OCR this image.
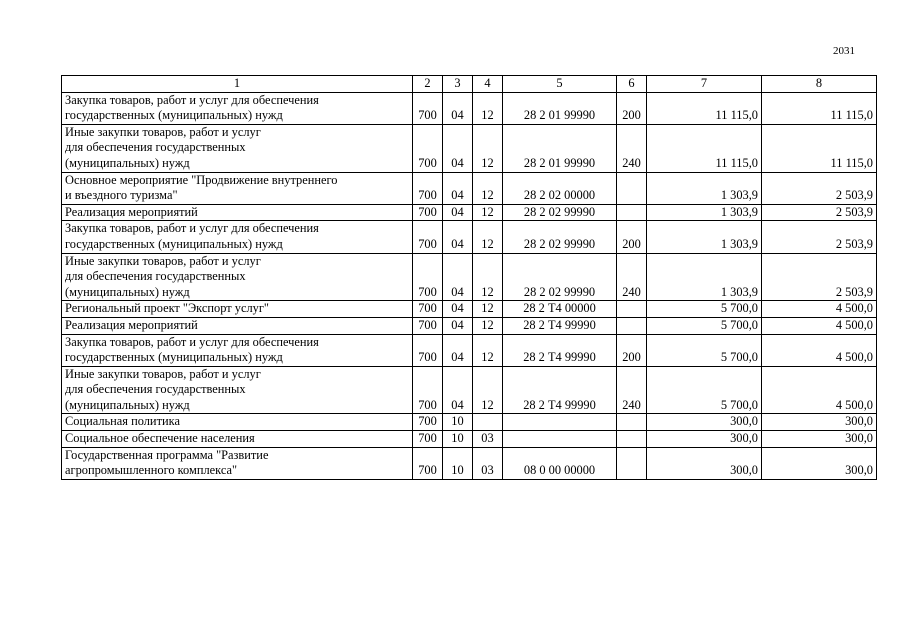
2031
1	2	3	4	5	6	7	8
Закупка товаров, работ и услуг для обеспечения
государственных (муниципальных) нужд	700	04	12	28 2 01 99990	200	11 115,0	11 115,0
Иные закупки товаров, работ и услуг
для обеспечения государственных
(муниципальных) нужд	700	04	12	28 2 01 99990	240	11 115,0	11 115,0
Основное мероприятие "Продвижение внутреннего
и въездного туризма"	700	04	12	28 2 02 00000		1 303,9	2 503,9
Реализация мероприятий	700	04	12	28 2 02 99990		1 303,9	2 503,9
Закупка товаров, работ и услуг для обеспечения
государственных (муниципальных) нужд	700	04	12	28 2 02 99990	200	1 303,9	2 503,9
Иные закупки товаров, работ и услуг
для обеспечения государственных
(муниципальных) нужд	700	04	12	28 2 02 99990	240	1 303,9	2 503,9
Региональный проект "Экспорт услуг"	700	04	12	28 2 Т4 00000		5 700,0	4 500,0
Реализация мероприятий	700	04	12	28 2 Т4 99990		5 700,0	4 500,0
Закупка товаров, работ и услуг для обеспечения
государственных (муниципальных) нужд	700	04	12	28 2 Т4 99990	200	5 700,0	4 500,0
Иные закупки товаров, работ и услуг
для обеспечения государственных
(муниципальных) нужд	700	04	12	28 2 Т4 99990	240	5 700,0	4 500,0
Социальная политика	700	10				300,0	300,0
Социальное обеспечение населения	700	10	03			300,0	300,0
Государственная программа "Развитие
агропромышленного комплекса"	700	10	03	08 0 00 00000		300,0	300,0
